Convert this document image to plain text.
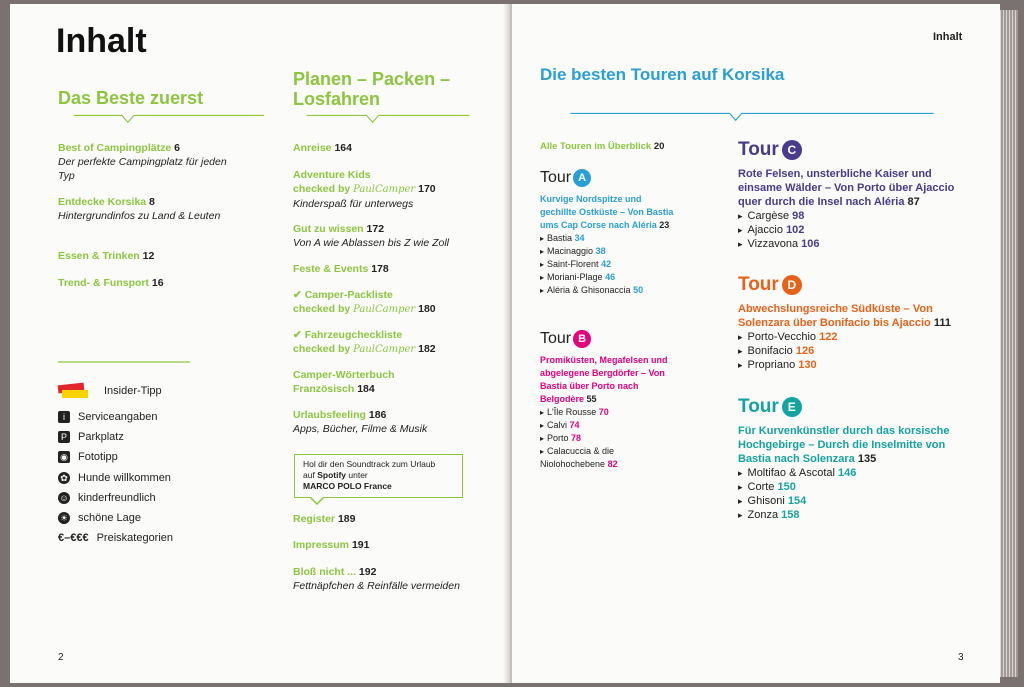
Inhalt
Das Beste zuerst
Insider-Tipp
Planen – Packen –
Losfahren
Hol dir den Soundtrack zum Urlaub
auf Spotify unter
MARCO POLO France
2
Best of Campingplätze 6
Der perfekte Campingplatz für jeden Typ
Entdecke Korsika 8
Hintergrundinfos zu Land & Leuten
Essen & Trinken 12
Trend- & Funsport 16
i Serviceangaben
P Parkplatz
◉ Fototipp
✿ Hunde willkommen
☺ kinderfreundlich
☀ schöne Lage
€–€€€ Preiskategorien
Anreise 164
Adventure Kids
checked by PaulCamper 170
Kinderspaß für unterwegs
Gut zu wissen 172
Von A wie Ablassen bis Z wie Zoll
Feste & Events 178
✔ Camper-Packliste
checked by PaulCamper 180
✔ Fahrzeugcheckliste
checked by PaulCamper 182
Camper-Wörterbuch
Französisch 184
Urlaubsfeeling 186
Apps, Bücher, Filme & Musik
Register 189
Impressum 191
Bloß nicht ... 192
Fettnäpfchen & Reinfälle vermeiden
Inhalt
Die besten Touren auf Korsika
Alle Touren im Überblick 20
3
Tour A
Kurvige Nordspitze und gechillte Ostküste – Von Bastia ums Cap Corse nach Aléria 23
▸ Bastia 34
▸ Macinaggio 38
▸ Saint-Florent 42
▸ Moriani-Plage 46
▸ Aléria & Ghisonaccia 50
Tour B
Promiküsten, Megafelsen und abgelegene Bergdörfer – Von Bastia über Porto nach Belgodère 55
▸ L'Île Rousse 70
▸ Calvi 74
▸ Porto 78
▸ Calacuccia & die Niolohochebene 82
Tour C
Rote Felsen, unsterbliche Kaiser und einsame Wälder – Von Porto über Ajaccio quer durch die Insel nach Aléria 87
▸ Cargèse 98
▸ Ajaccio 102
▸ Vizzavona 106
Tour D
Abwechslungsreiche Südküste – Von Solenzara über Bonifacio bis Ajaccio 111
▸ Porto-Vecchio 122
▸ Bonifacio 126
▸ Propriano 130
Tour E
Für Kurvenkünstler durch das korsische Hochgebirge – Durch die Inselmitte von Bastia nach Solenzara 135
▸ Moltifao & Ascotal 146
▸ Corte 150
▸ Ghisoni 154
▸ Zonza 158
